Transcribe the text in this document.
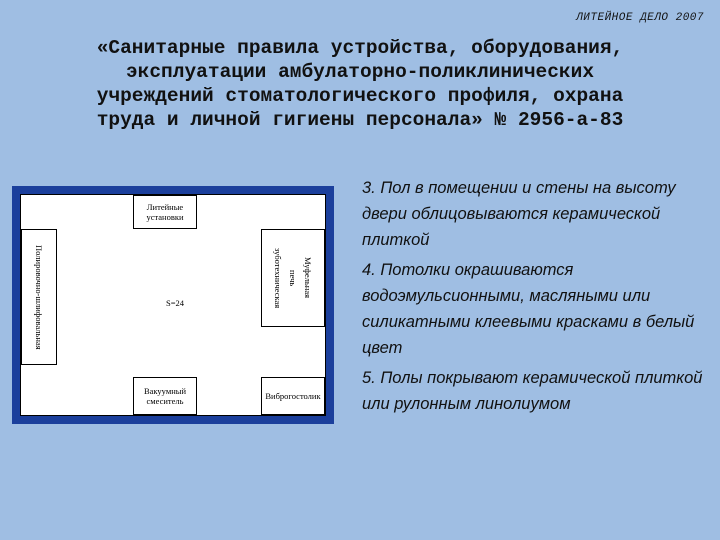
ЛИТЕЙНОЕ ДЕЛО 2007
«Санитарные правила устройства, оборудования,
эксплуатации амбулаторно-поликлинических
учреждений стоматологического профиля, охрана
труда и личной гигиены персонала» № 2956-а-83
Литейные установки
Полировочно-шлифовальная	зуботехническая печь Муфельная
S=24
Вакуумный смеситель	Виброгостолик
3. Пол в помещении и стены на высоту двери облицовываются керамической плиткой
4. Потолки окрашиваются водоэмульсионными, масляными или силикатными клеевыми красками в белый цвет
5. Полы покрывают керамической плиткой или рулонным линолиумом
